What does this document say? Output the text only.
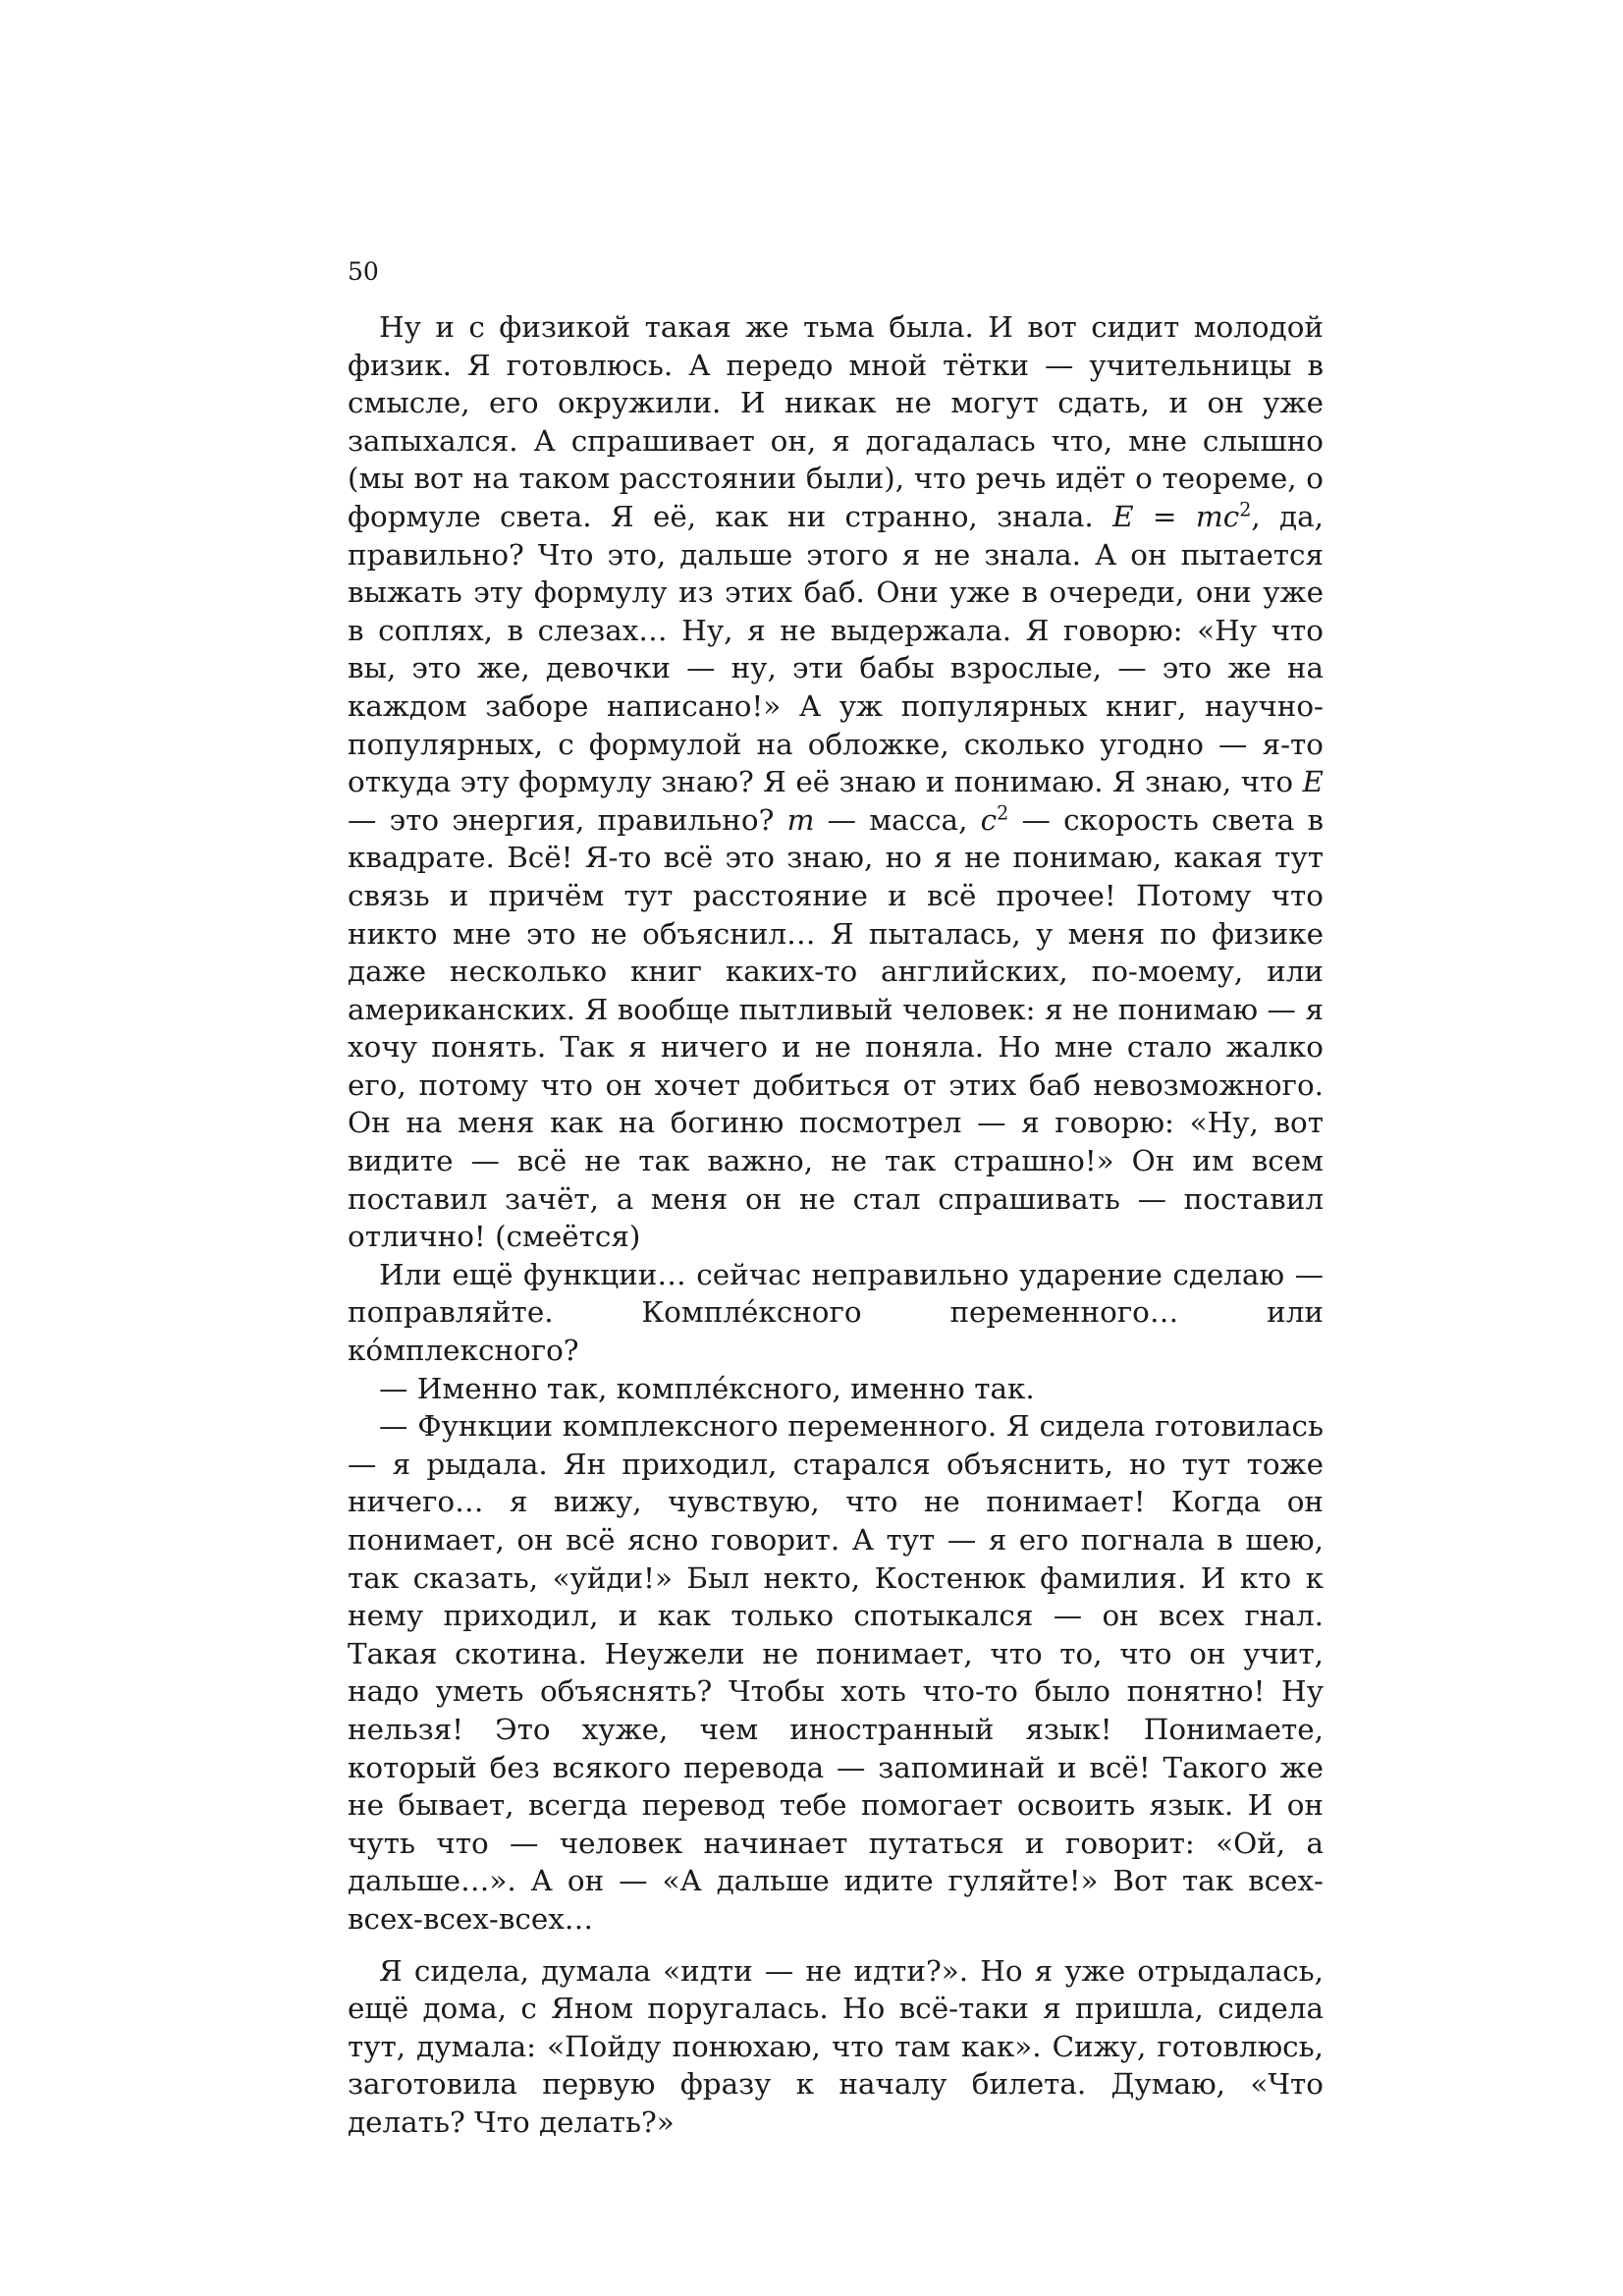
50

Ну и с физикой такая же тьма была. И вот сидит молодой физик. Я готовлюсь. А передо мной тётки — учительницы в смысле, его окружили. И никак не могут сдать, и он уже запыхался. А спрашивает он, я догадалась что, мне слышно (мы вот на таком расстоянии были), что речь идёт о теореме, о формуле света. Я её, как ни странно, знала. $E = mc^2$, да, правильно? Что это, дальше этого я не знала. А он пытается выжать эту формулу из этих баб. Они уже в очереди, они уже в соплях, в слезах… Ну, я не выдержала. Я говорю: «Ну что вы, это же, девочки — ну, эти бабы взрослые, — это же на каждом заборе написано!» А уж популярных книг, научно-популярных, с формулой на обложке, сколько угодно — я-то откуда эту формулу знаю? Я её знаю и понимаю. Я знаю, что E — это энергия, правильно? m — масса, $c^2$ — скорость света в квадрате. Всё! Я-то всё это знаю, но я не понимаю, какая тут связь и причём тут расстояние и всё прочее! Потому что никто мне это не объяснил… Я пыталась, у меня по физике даже несколько книг каких-то английских, по-моему, или американских. Я вообще пытливый человек: я не понимаю — я хочу понять. Так я ничего и не поняла. Но мне стало жалко его, потому что он хочет добиться от этих баб невозможного. Он на меня как на богиню посмотрел — я говорю: «Ну, вот видите — всё не так важно, не так страшно!» Он им всем поставил зачёт, а меня он не стал спрашивать — поставил отлично! (смеётся)

Или ещё функции… сейчас неправильно ударение сделаю — поправляйте. Компле́ксного переменного… или ко́мплексного?

— Именно так, компле́ксного, именно так.

— Функции комплексного переменного. Я сидела готовилась — я рыдала. Ян приходил, старался объяснить, но тут тоже ничего… я вижу, чувствую, что не понимает! Когда он понимает, он всё ясно говорит. А тут — я его погнала в шею, так сказать, «уйди!» Был некто, Костенюк фамилия. И кто к нему приходил, и как только спотыкался — он всех гнал. Такая скотина. Неужели не понимает, что то, что он учит, надо уметь объяснять? Чтобы хоть что-то было понятно! Ну нельзя! Это хуже, чем иностранный язык! Понимаете, который без всякого перевода — запоминай и всё! Такого же не бывает, всегда перевод тебе помогает освоить язык. И он чуть что — человек начинает путаться и говорит: «Ой, а дальше…». А он — «А дальше идите гуляйте!» Вот так всех-всех-всех-всех…

Я сидела, думала «идти — не идти?». Но я уже отрыдалась, ещё дома, с Яном поругалась. Но всё-таки я пришла, сидела тут, думала: «Пойду понюхаю, что там как». Сижу, готовлюсь, заготовила первую фразу к началу билета. Думаю, «Что делать? Что делать?»
